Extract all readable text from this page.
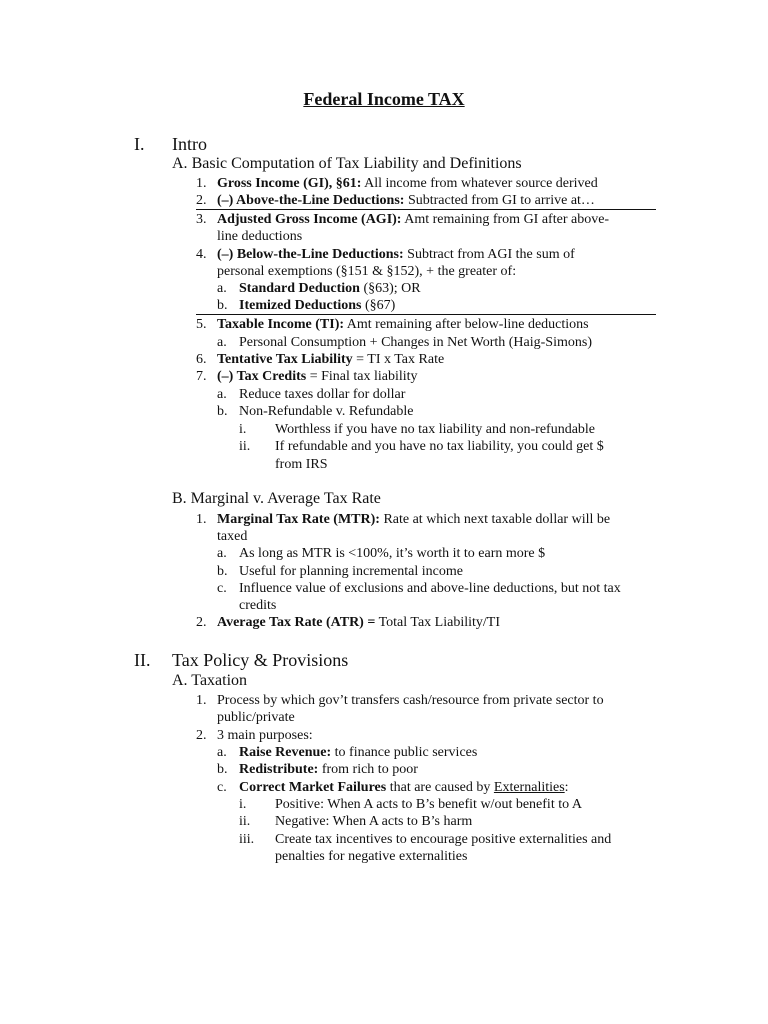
Federal Income TAX
I. Intro
A. Basic Computation of Tax Liability and Definitions
1. Gross Income (GI), §61: All income from whatever source derived
2. (–) Above-the-Line Deductions: Subtracted from GI to arrive at…
3. Adjusted Gross Income (AGI): Amt remaining from GI after above-
line deductions
4. (–) Below-the-Line Deductions: Subtract from AGI the sum of
personal exemptions (§151 & §152), + the greater of:
a. Standard Deduction (§63); OR
b. Itemized Deductions (§67)
5. Taxable Income (TI): Amt remaining after below-line deductions
a. Personal Consumption + Changes in Net Worth (Haig-Simons)
6. Tentative Tax Liability = TI x Tax Rate
7. (–) Tax Credits = Final tax liability
a. Reduce taxes dollar for dollar
b. Non-Refundable v. Refundable
i. Worthless if you have no tax liability and non-refundable
ii. If refundable and you have no tax liability, you could get $
from IRS
B. Marginal v. Average Tax Rate
1. Marginal Tax Rate (MTR): Rate at which next taxable dollar will be
taxed
a. As long as MTR is <100%, it’s worth it to earn more $
b. Useful for planning incremental income
c. Influence value of exclusions and above-line deductions, but not tax
credits
2. Average Tax Rate (ATR) = Total Tax Liability/TI
II. Tax Policy & Provisions
A. Taxation
1. Process by which gov’t transfers cash/resource from private sector to
public/private
2. 3 main purposes:
a. Raise Revenue: to finance public services
b. Redistribute: from rich to poor
c. Correct Market Failures that are caused by Externalities:
i. Positive: When A acts to B’s benefit w/out benefit to A
ii. Negative: When A acts to B’s harm
iii. Create tax incentives to encourage positive externalities and
penalties for negative externalities
